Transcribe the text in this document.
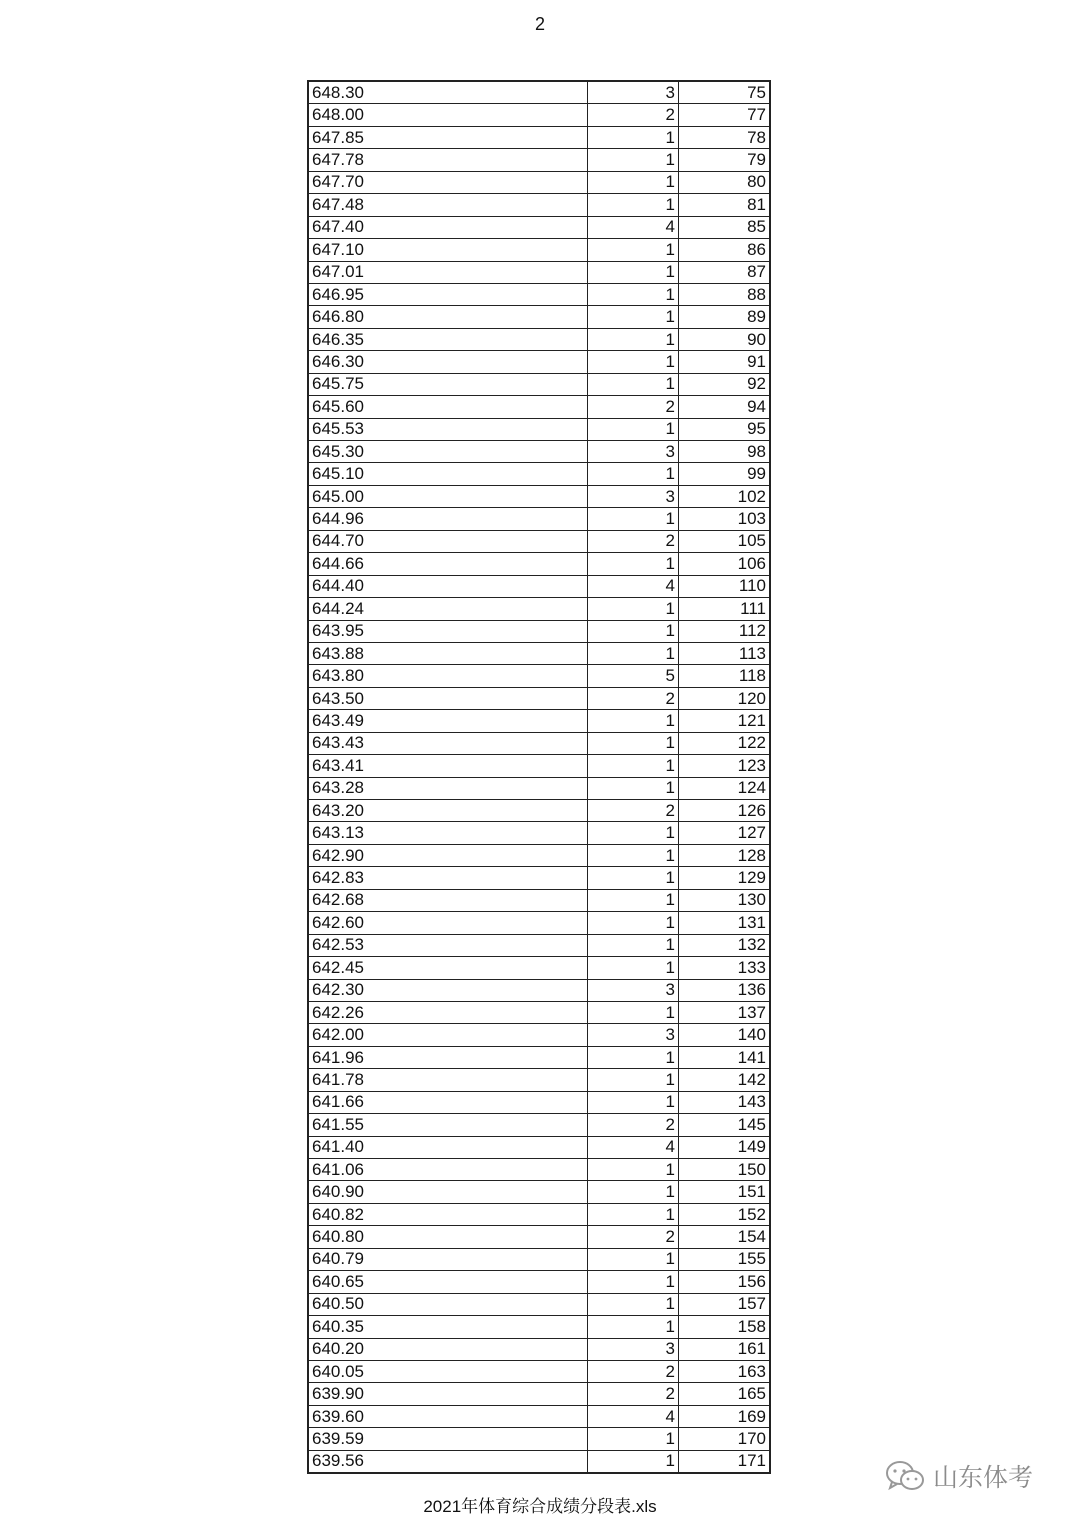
2
648.30	3	75
648.00	2	77
647.85	1	78
647.78	1	79
647.70	1	80
647.48	1	81
647.40	4	85
647.10	1	86
647.01	1	87
646.95	1	88
646.80	1	89
646.35	1	90
646.30	1	91
645.75	1	92
645.60	2	94
645.53	1	95
645.30	3	98
645.10	1	99
645.00	3	102
644.96	1	103
644.70	2	105
644.66	1	106
644.40	4	110
644.24	1	111
643.95	1	112
643.88	1	113
643.80	5	118
643.50	2	120
643.49	1	121
643.43	1	122
643.41	1	123
643.28	1	124
643.20	2	126
643.13	1	127
642.90	1	128
642.83	1	129
642.68	1	130
642.60	1	131
642.53	1	132
642.45	1	133
642.30	3	136
642.26	1	137
642.00	3	140
641.96	1	141
641.78	1	142
641.66	1	143
641.55	2	145
641.40	4	149
641.06	1	150
640.90	1	151
640.82	1	152
640.80	2	154
640.79	1	155
640.65	1	156
640.50	1	157
640.35	1	158
640.20	3	161
640.05	2	163
639.90	2	165
639.60	4	169
639.59	1	170
639.56	1	171
2021年体育综合成绩分段表.xls
山东体考
